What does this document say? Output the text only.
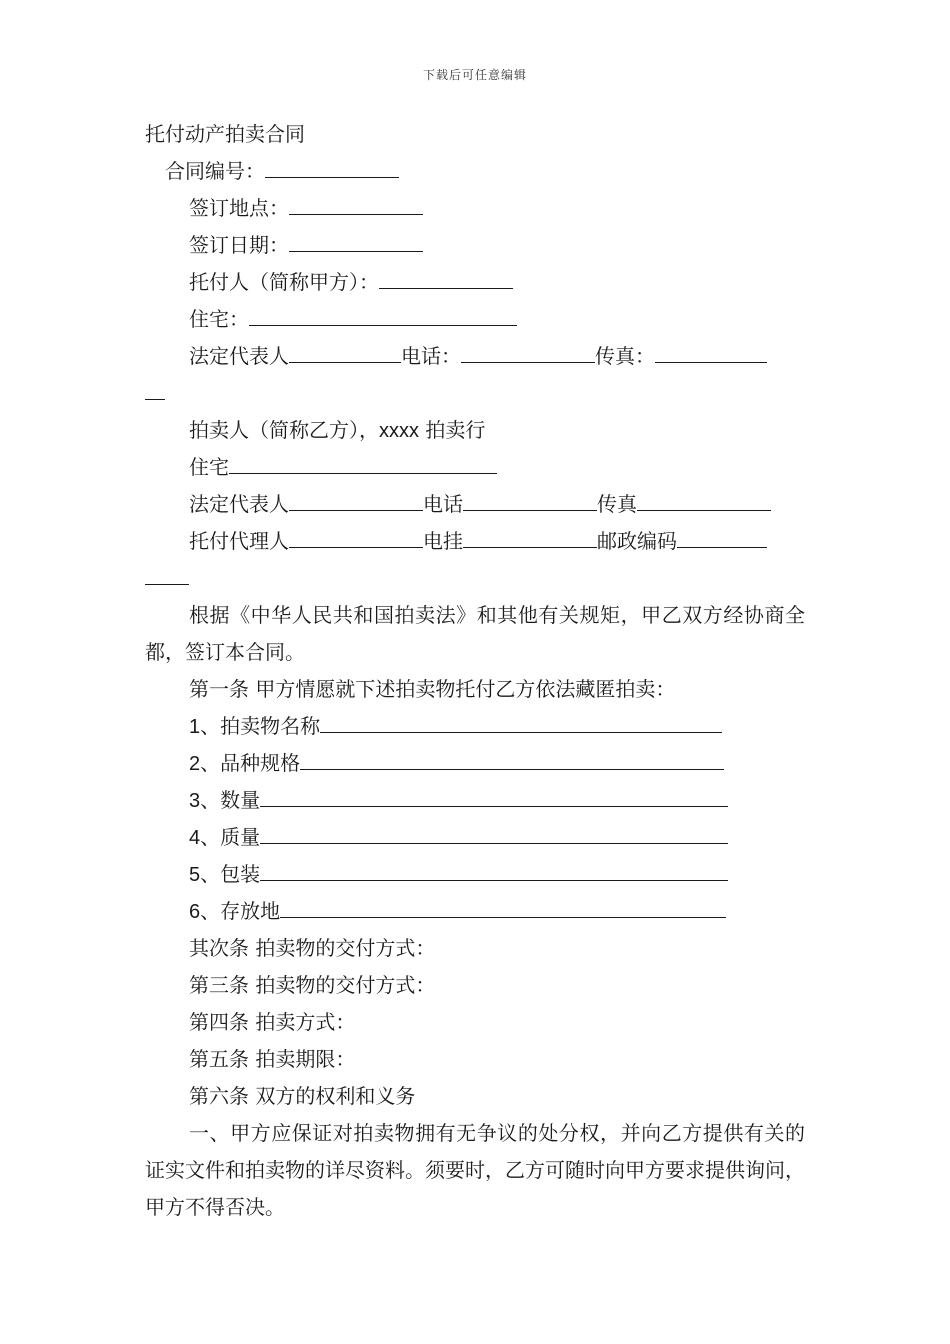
下载后可任意编辑
托付动产拍卖合同
合同编号：
签订地点：
签订日期：
托付人（简称甲方）：
住宅：
法定代表人	电话：	传真：
拍卖人（简称乙方），xxxx 拍卖行
住宅
法定代表人	电话	传真
托付代理人	电挂	邮政编码
根据《中华人民共和国拍卖法》和其他有关规矩，甲乙双方经协商全都，签订本合同。
第一条 甲方情愿就下述拍卖物托付乙方依法藏匿拍卖：
1、拍卖物名称
2、品种规格
3、数量
4、质量
5、包装
6、存放地
其次条 拍卖物的交付方式：
第三条 拍卖物的交付方式：
第四条 拍卖方式：
第五条 拍卖期限：
第六条 双方的权利和义务
一、甲方应保证对拍卖物拥有无争议的处分权，并向乙方提供有关的证实文件和拍卖物的详尽资料。须要时，乙方可随时向甲方要求提供询问，甲方不得否决。
